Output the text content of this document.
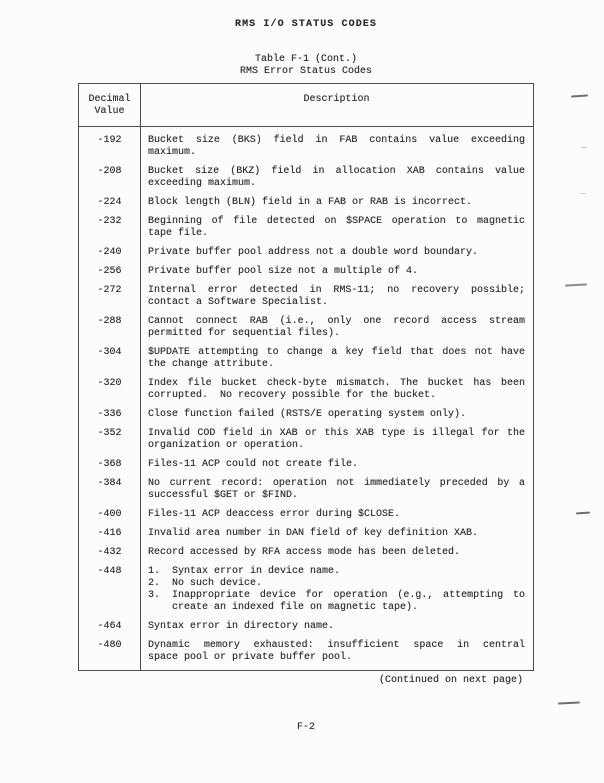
RMS I/O STATUS CODES
Table F-1 (Cont.)
RMS Error Status Codes
Decimal
Value
Description
-192	Bucket size (BKS) field in FAB contains value exceeding
maximum.
-208	Bucket size (BKZ) field in allocation XAB contains value
exceeding maximum.
-224	Block length (BLN) field in a FAB or RAB is incorrect.
-232	Beginning of file detected on $SPACE operation to magnetic
tape file.
-240	Private buffer pool address not a double word boundary.
-256	Private buffer pool size not a multiple of 4.
-272	Internal error detected in RMS-11; no recovery possible;
contact a Software Specialist.
-288	Cannot connect RAB (i.e., only one record access stream
permitted for sequential files).
-304	$UPDATE attempting to change a key field that does not have
the change attribute.
-320	Index file bucket check-byte mismatch. The bucket has been
corrupted.  No recovery possible for the bucket.
-336	Close function failed (RSTS/E operating system only).
-352	Invalid COD field in XAB or this XAB type is illegal for the
organization or operation.
-368	Files-11 ACP could not create file.
-384	No current record: operation not immediately preceded by a
successful $GET or $FIND.
-400	Files-11 ACP deaccess error during $CLOSE.
-416	Invalid area number in DAN field of key definition XAB.
-432	Record accessed by RFA access mode has been deleted.
-448	1.	Syntax error in device name.
2.	No such device.
3.	Inappropriate device for operation (e.g., attempting to
create an indexed file on magnetic tape).
-464	Syntax error in directory name.
-480	Dynamic memory exhausted: insufficient space in central
space pool or private buffer pool.
(Continued on next page)
F-2
